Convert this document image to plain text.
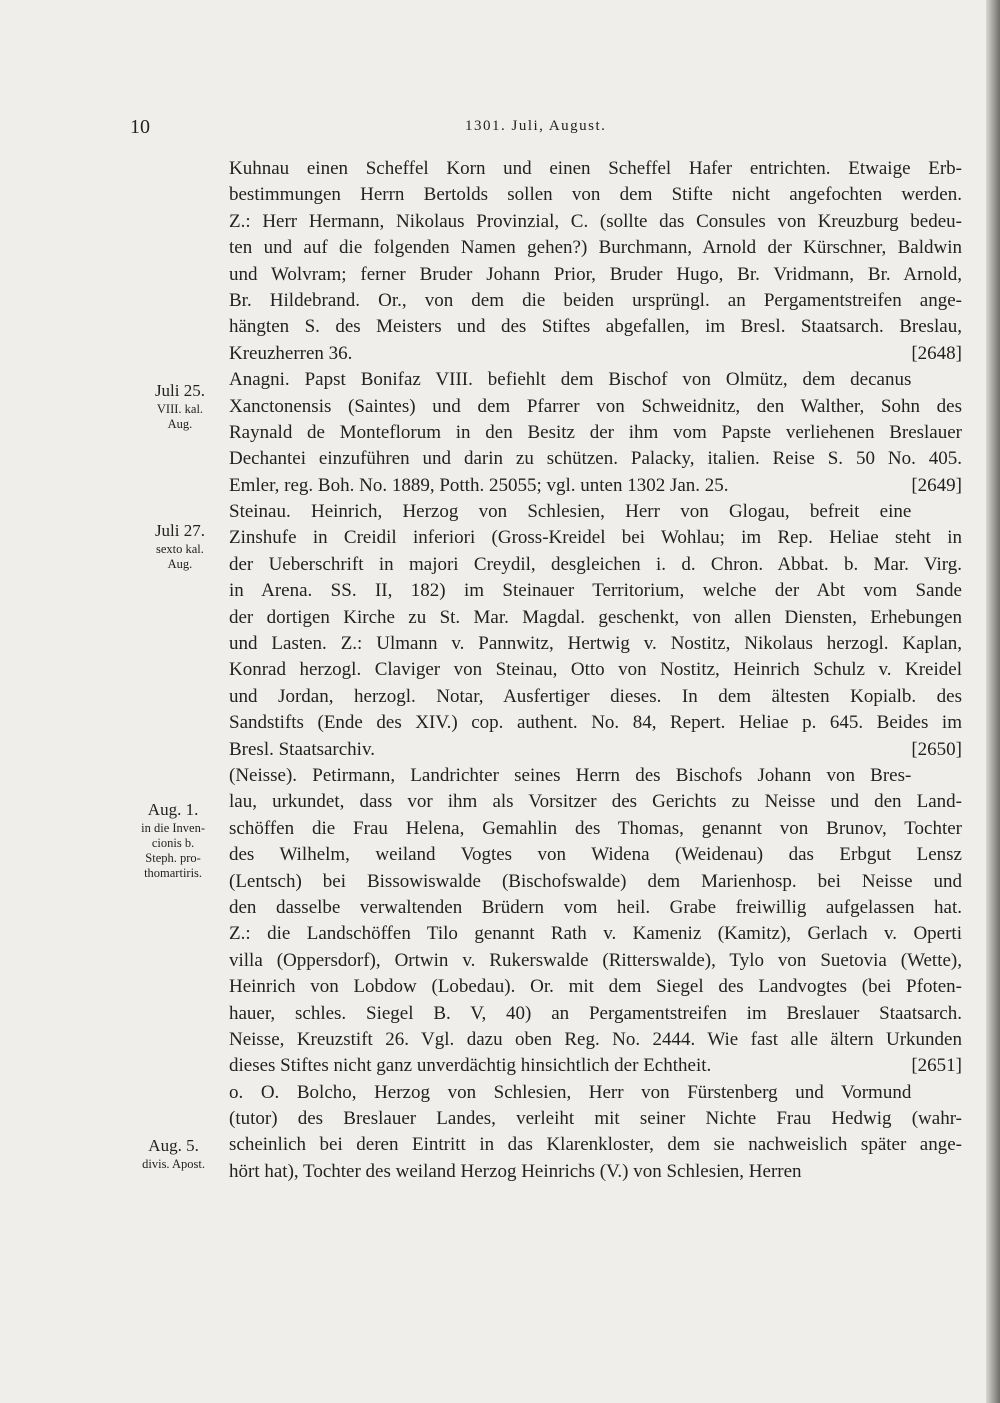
10	1301. Juli, August.
Juli 25.
VIII. kal.
Aug.
Juli 27.
sexto kal.
Aug.
Aug. 1.
in die Inven-
cionis b.
Steph. pro-
thomartiris.
Aug. 5.
divis. Apost.
Kuhnau einen Scheffel Korn und einen Scheffel Hafer entrichten. Etwaige Erb-
bestimmungen Herrn Bertolds sollen von dem Stifte nicht angefochten werden.
Z.: Herr Hermann, Nikolaus Provinzial, C. (sollte das Consules von Kreuzburg bedeu-
ten und auf die folgenden Namen gehen?) Burchmann, Arnold der Kürschner, Baldwin
und Wolvram; ferner Bruder Johann Prior, Bruder Hugo, Br. Vridmann, Br. Arnold,
Br. Hildebrand. Or., von dem die beiden ursprüngl. an Pergamentstreifen ange-
hängten S. des Meisters und des Stiftes abgefallen, im Bresl. Staatsarch. Breslau,
Kreuzherren 36.	[2648]
Anagni. Papst Bonifaz VIII. befiehlt dem Bischof von Olmütz, dem decanus
Xanctonensis (Saintes) und dem Pfarrer von Schweidnitz, den Walther, Sohn des
Raynald de Monteflorum in den Besitz der ihm vom Papste verliehenen Breslauer
Dechantei einzuführen und darin zu schützen. Palacky, italien. Reise S. 50 No. 405.
Emler, reg. Boh. No. 1889, Potth. 25055; vgl. unten 1302 Jan. 25.	[2649]
Steinau. Heinrich, Herzog von Schlesien, Herr von Glogau, befreit eine
Zinshufe in Creidil inferiori (Gross-Kreidel bei Wohlau; im Rep. Heliae steht in
der Ueberschrift in majori Creydil, desgleichen i. d. Chron. Abbat. b. Mar. Virg.
in Arena. SS. II, 182) im Steinauer Territorium, welche der Abt vom Sande
der dortigen Kirche zu St. Mar. Magdal. geschenkt, von allen Diensten, Erhebungen
und Lasten. Z.: Ulmann v. Pannwitz, Hertwig v. Nostitz, Nikolaus herzogl. Kaplan,
Konrad herzogl. Claviger von Steinau, Otto von Nostitz, Heinrich Schulz v. Kreidel
und Jordan, herzogl. Notar, Ausfertiger dieses. In dem ältesten Kopialb. des
Sandstifts (Ende des XIV.) cop. authent. No. 84, Repert. Heliae p. 645. Beides im
Bresl. Staatsarchiv.	[2650]
(Neisse). Petirmann, Landrichter seines Herrn des Bischofs Johann von Bres-
lau, urkundet, dass vor ihm als Vorsitzer des Gerichts zu Neisse und den Land-
schöffen die Frau Helena, Gemahlin des Thomas, genannt von Brunov, Tochter
des Wilhelm, weiland Vogtes von Widena (Weidenau) das Erbgut Lensz
(Lentsch) bei Bissowiswalde (Bischofswalde) dem Marienhosp. bei Neisse und
den dasselbe verwaltenden Brüdern vom heil. Grabe freiwillig aufgelassen hat.
Z.: die Landschöffen Tilo genannt Rath v. Kameniz (Kamitz), Gerlach v. Operti
villa (Oppersdorf), Ortwin v. Rukerswalde (Ritterswalde), Tylo von Suetovia (Wette),
Heinrich von Lobdow (Lobedau). Or. mit dem Siegel des Landvogtes (bei Pfoten-
hauer, schles. Siegel B. V, 40) an Pergamentstreifen im Breslauer Staatsarch.
Neisse, Kreuzstift 26. Vgl. dazu oben Reg. No. 2444. Wie fast alle ältern Urkunden
dieses Stiftes nicht ganz unverdächtig hinsichtlich der Echtheit.	[2651]
o. O. Bolcho, Herzog von Schlesien, Herr von Fürstenberg und Vormund
(tutor) des Breslauer Landes, verleiht mit seiner Nichte Frau Hedwig (wahr-
scheinlich bei deren Eintritt in das Klarenkloster, dem sie nachweislich später ange-
hört hat), Tochter des weiland Herzog Heinrichs (V.) von Schlesien, Herren
